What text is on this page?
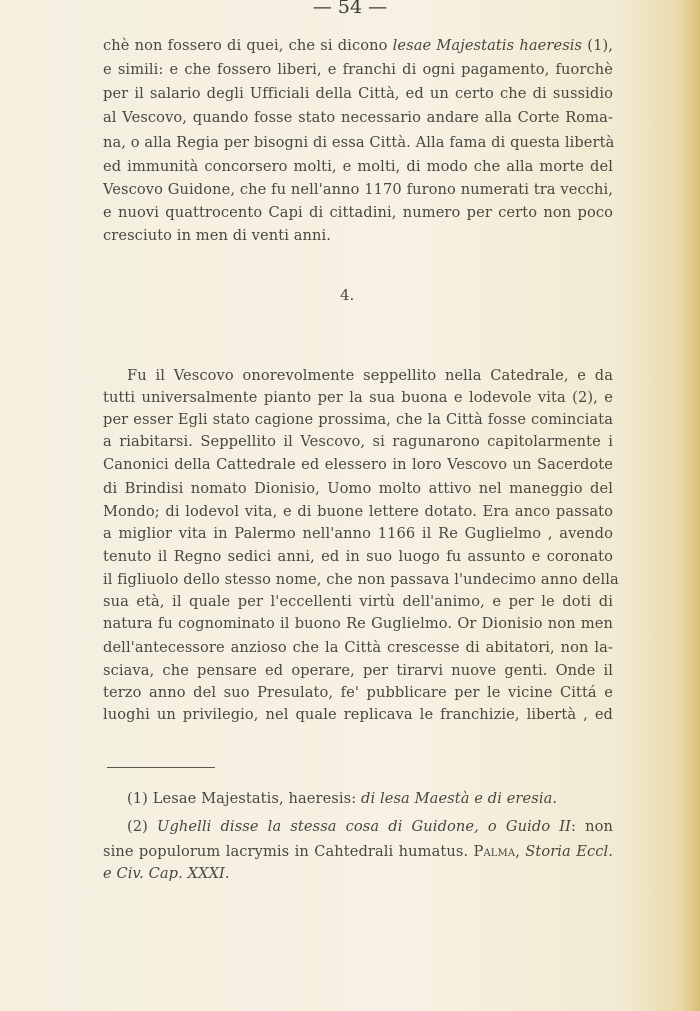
— 54 —
chè non fossero di quei, che si dicono lesae Majestatis haeresis (1),
e simili: e che fossero liberi, e franchi di ogni pagamento, fuorchè
per il salario degli Ufficiali della Città, ed un certo che di sussidio
al Vescovo, quando fosse stato necessario andare alla Corte Roma-
na, o alla Regia per bisogni di essa Città. Alla fama di questa libertà
ed immunità concorsero molti, e molti, di modo che alla morte del
Vescovo Guidone, che fu nell'anno 1170 furono numerati tra vecchi,
e nuovi quattrocento Capi di cittadini, numero per certo non poco
cresciuto in men di venti anni.
4.
Fu il Vescovo onorevolmente seppellito nella Catedrale, e da
tutti universalmente pianto per la sua buona e lodevole vita (2), e
per esser Egli stato cagione prossima, che la Città fosse cominciata
a riabitarsi. Seppellito il Vescovo, si ragunarono capitolarmente i
Canonici della Cattedrale ed elessero in loro Vescovo un Sacerdote
di Brindisi nomato Dionisio, Uomo molto attivo nel maneggio del
Mondo; di lodevol vita, e di buone lettere dotato. Era anco passato
a miglior vita in Palermo nell'anno 1166 il Re Guglielmo , avendo
tenuto il Regno sedici anni, ed in suo luogo fu assunto e coronato
il figliuolo dello stesso nome, che non passava l'undecimo anno della
sua età, il quale per l'eccellenti virtù dell'animo, e per le doti di
natura fu cognominato il buono Re Guglielmo. Or Dionisio non men
dell'antecessore anzioso che la Città crescesse di abitatori, non la-
sciava, che pensare ed operare, per tirarvi nuove genti. Onde il
terzo anno del suo Presulato, fe' pubblicare per le vicine Cittá e
luoghi un privilegio, nel quale replicava le franchizie, libertà , ed
(1) Lesae Majestatis, haeresis: di lesa Maestà e di eresia.
(2) Ughelli disse la stessa cosa di Guidone, o Guido II: non
sine populorum lacrymis in Cahtedrali humatus. Palma, Storia Eccl.
e Civ. Cap. XXXI.
